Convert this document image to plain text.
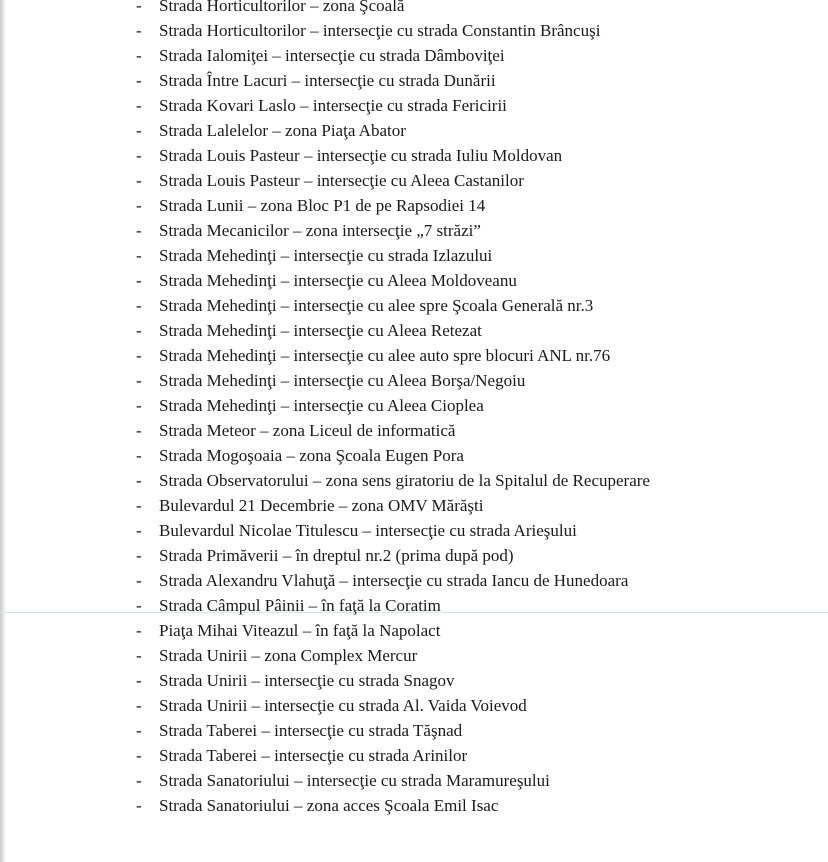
- Strada Horticultorilor – zona Şcoală
- Strada Horticultorilor – intersecţie cu strada Constantin Brâncuşi
- Strada Ialomiţei – intersecţie cu strada Dâmboviţei
- Strada Între Lacuri – intersecţie cu strada Dunării
- Strada Kovari Laslo – intersecţie cu strada Fericirii
- Strada Lalelelor – zona Piaţa Abator
- Strada Louis Pasteur – intersecţie cu strada Iuliu Moldovan
- Strada Louis Pasteur – intersecţie cu Aleea Castanilor
- Strada Lunii – zona Bloc P1 de pe Rapsodiei 14
- Strada Mecanicilor – zona intersecţie „7 străzi”
- Strada Mehedinţi – intersecţie cu strada Izlazului
- Strada Mehedinţi – intersecţie cu Aleea Moldoveanu
- Strada Mehedinţi – intersecţie cu alee spre Şcoala Generală nr.3
- Strada Mehedinţi – intersecţie cu Aleea Retezat
- Strada Mehedinţi – intersecţie cu alee auto spre blocuri ANL nr.76
- Strada Mehedinţi – intersecţie cu Aleea Borşa/Negoiu
- Strada Mehedinţi – intersecţie cu Aleea Cioplea
- Strada Meteor – zona Liceul de informatică
- Strada Mogoşoaia – zona Şcoala Eugen Pora
- Strada Observatorului – zona sens giratoriu de la Spitalul de Recuperare
- Bulevardul 21 Decembrie – zona OMV Mărăşti
- Bulevardul Nicolae Titulescu – intersecţie cu strada Arieşului
- Strada Primăverii – în dreptul nr.2 (prima după pod)
- Strada Alexandru Vlahuţă – intersecţie cu strada Iancu de Hunedoara
- Strada Câmpul Pâinii – în faţă la Coratim
- Piaţa Mihai Viteazul – în faţă la Napolact
- Strada Unirii – zona Complex Mercur
- Strada Unirii – intersecţie cu strada Snagov
- Strada Unirii – intersecţie cu strada Al. Vaida Voievod
- Strada Taberei – intersecţie cu strada Tăşnad
- Strada Taberei – intersecţie cu strada Arinilor
- Strada Sanatoriului – intersecţie cu strada Maramureşului
- Strada Sanatoriului – zona acces Şcoala Emil Isac
